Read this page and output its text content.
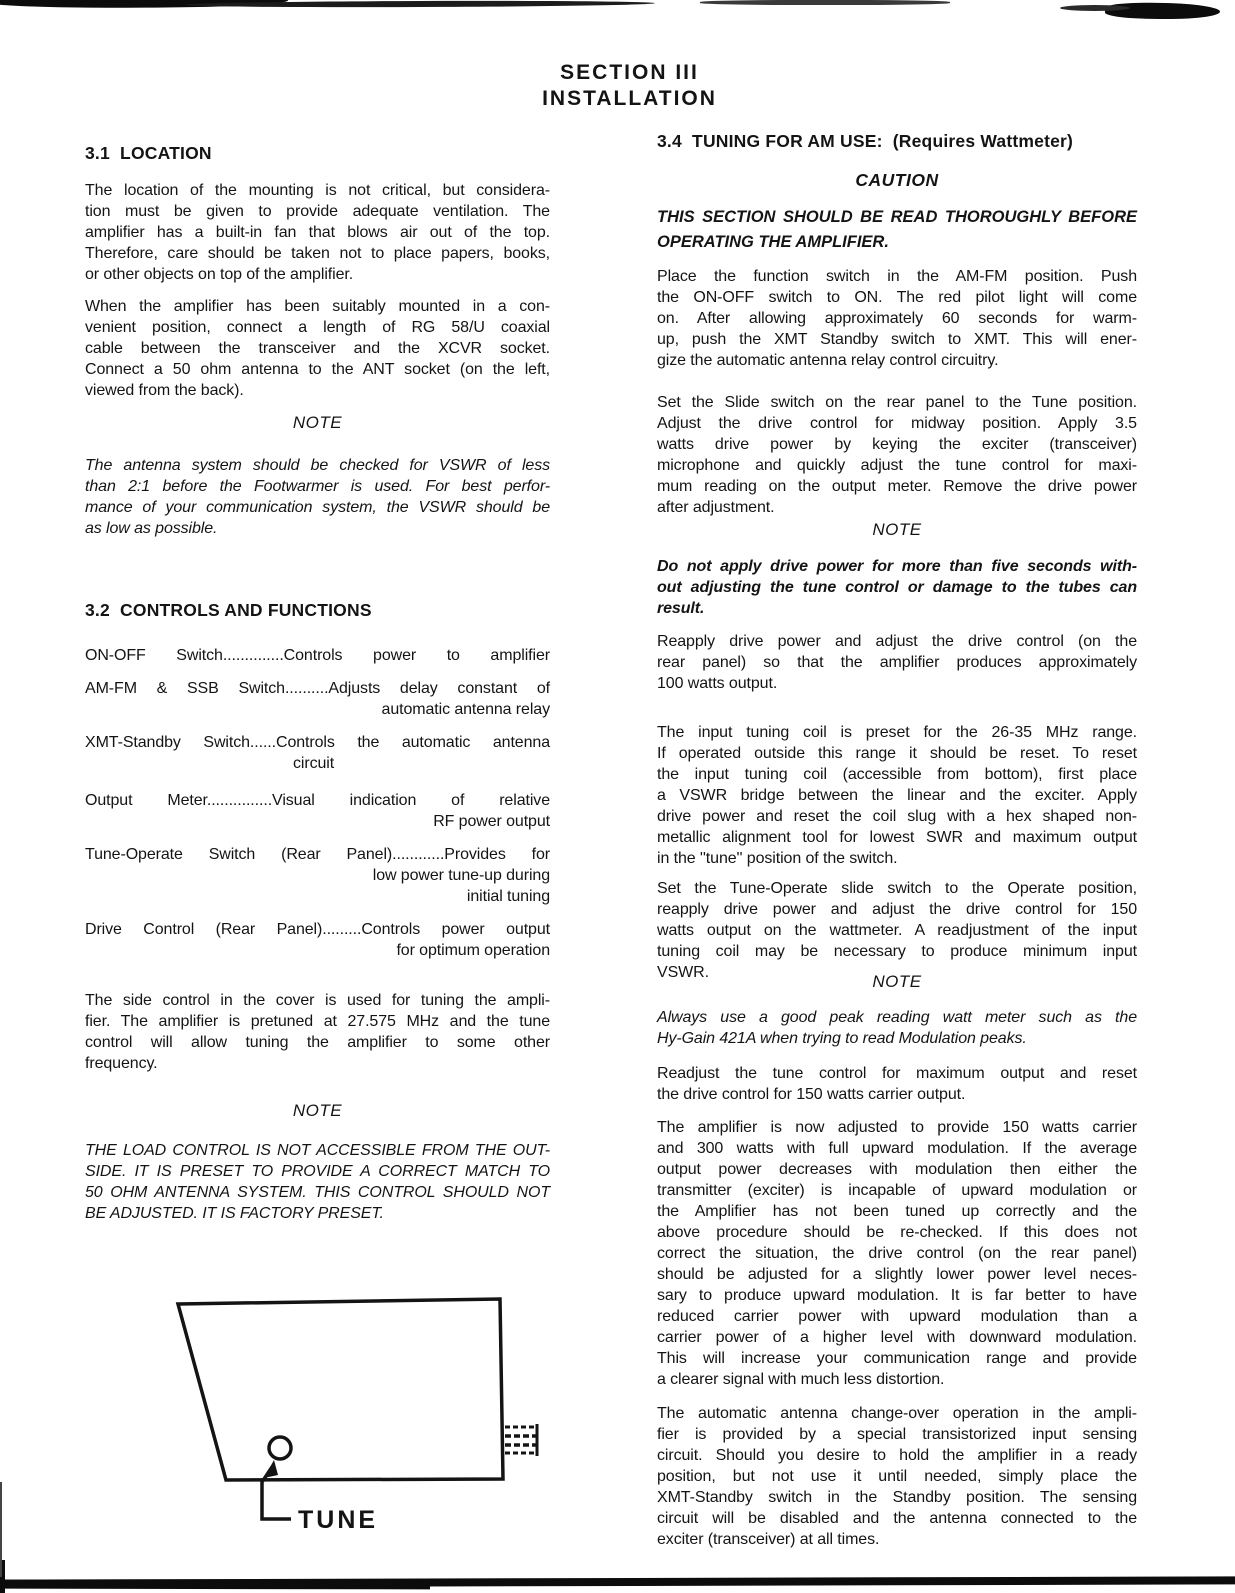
SECTION III
INSTALLATION
3.1  LOCATION
The location of the mounting is not critical, but considera-
tion must be given to provide adequate ventilation. The
amplifier has a built-in fan that blows air out of the top.
Therefore, care should be taken not to place papers, books,
or other objects on top of the amplifier.
When the amplifier has been suitably mounted in a con-
venient position, connect a length of RG 58/U coaxial
cable between the transceiver and the XCVR socket.
Connect a 50 ohm antenna to the ANT socket (on the left,
viewed from the back).
NOTE
The antenna system should be checked for VSWR of less
than 2:1 before the Footwarmer is used. For best perfor-
mance of your communication system, the VSWR should be
as low as possible.
3.2  CONTROLS AND FUNCTIONS
ON-OFF Switch..............Controls power to amplifier
AM-FM & SSB Switch..........Adjusts delay constant of
automatic antenna relay
XMT-Standby Switch......Controls the automatic antenna
circuit
Output Meter...............Visual indication of relative
RF power output
Tune-Operate Switch (Rear Panel)............Provides for
low power tune-up during
initial tuning
Drive Control (Rear Panel).........Controls power output
for optimum operation
The side control in the cover is used for tuning the ampli-
fier. The amplifier is pretuned at 27.575 MHz and the tune
control will allow tuning the amplifier to some other
frequency.
NOTE
THE LOAD CONTROL IS NOT ACCESSIBLE FROM THE OUT-
SIDE. IT IS PRESET TO PROVIDE A CORRECT MATCH TO
50 OHM ANTENNA SYSTEM. THIS CONTROL SHOULD NOT
BE ADJUSTED. IT IS FACTORY PRESET.
3.4  TUNING FOR AM USE:  (Requires Wattmeter)
CAUTION
THIS SECTION SHOULD BE READ THOROUGHLY BEFORE
OPERATING THE AMPLIFIER.
Place the function switch in the AM-FM position. Push
the ON-OFF switch to ON. The red pilot light will come
on. After allowing approximately 60 seconds for warm-
up, push the XMT Standby switch to XMT. This will ener-
gize the automatic antenna relay control circuitry.
Set the Slide switch on the rear panel to the Tune position.
Adjust the drive control for midway position. Apply 3.5
watts drive power by keying the exciter (transceiver)
microphone and quickly adjust the tune control for maxi-
mum reading on the output meter. Remove the drive power
after adjustment.
NOTE
Do not apply drive power for more than five seconds with-
out adjusting the tune control or damage to the tubes can
result.
Reapply drive power and adjust the drive control (on the
rear panel) so that the amplifier produces approximately
100 watts output.
The input tuning coil is preset for the 26-35 MHz range.
If operated outside this range it should be reset. To reset
the input tuning coil (accessible from bottom), first place
a VSWR bridge between the linear and the exciter. Apply
drive power and reset the coil slug with a hex shaped non-
metallic alignment tool for lowest SWR and maximum output
in the ''tune'' position of the switch.
Set the Tune-Operate slide switch to the Operate position,
reapply drive power and adjust the drive control for 150
watts output on the wattmeter. A readjustment of the input
tuning coil may be necessary to produce minimum input
VSWR.	NOTE
Always use a good peak reading watt meter such as the
Hy-Gain 421A when trying to read Modulation peaks.
Readjust the tune control for maximum output and reset
the drive control for 150 watts carrier output.
The amplifier is now adjusted to provide 150 watts carrier
and 300 watts with full upward modulation. If the average
output power decreases with modulation then either the
transmitter (exciter) is incapable of upward modulation or
the Amplifier has not been tuned up correctly and the
above procedure should be re-checked. If this does not
correct the situation, the drive control (on the rear panel)
should be adjusted for a slightly lower power level neces-
sary to produce upward modulation. It is far better to have
reduced carrier power with upward modulation than a
carrier power of a higher level with downward modulation.
This will increase your communication range and provide
a clearer signal with much less distortion.
The automatic antenna change-over operation in the ampli-
fier is provided by a special transistorized input sensing
circuit. Should you desire to hold the amplifier in a ready
position, but not use it until needed, simply place the
XMT-Standby switch in the Standby position. The sensing
circuit will be disabled and the antenna connected to the
exciter (transceiver) at all times.
TUNE
